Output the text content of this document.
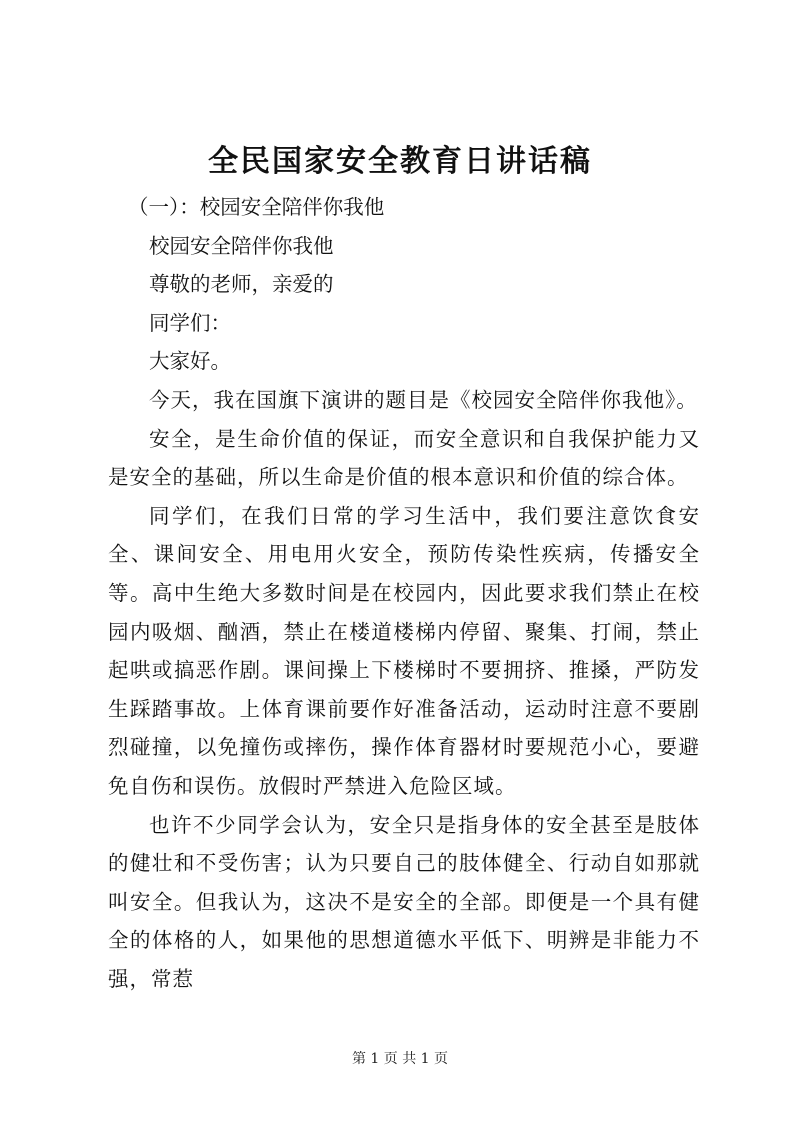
全民国家安全教育日讲话稿

（一）：校园安全陪伴你我他

校园安全陪伴你我他

尊敬的老师，亲爱的

同学们：

大家好。

今天，我在国旗下演讲的题目是《校园安全陪伴你我他》。

安全，是生命价值的保证，而安全意识和自我保护能力又是安全的基础，所以生命是价值的根本意识和价值的综合体。

同学们，在我们日常的学习生活中，我们要注意饮食安全、课间安全、用电用火安全，预防传染性疾病，传播安全等。高中生绝大多数时间是在校园内，因此要求我们禁止在校园内吸烟、酗酒，禁止在楼道楼梯内停留、聚集、打闹，禁止起哄或搞恶作剧。课间操上下楼梯时不要拥挤、推搡，严防发生踩踏事故。上体育课前要作好准备活动，运动时注意不要剧烈碰撞，以免撞伤或摔伤，操作体育器材时要规范小心，要避免自伤和误伤。放假时严禁进入危险区域。

也许不少同学会认为，安全只是指身体的安全甚至是肢体的健壮和不受伤害；认为只要自己的肢体健全、行动自如那就叫安全。但我认为，这决不是安全的全部。即便是一个具有健全的体格的人，如果他的思想道德水平低下、明辨是非能力不强，常惹

第 1 页 共 1 页
